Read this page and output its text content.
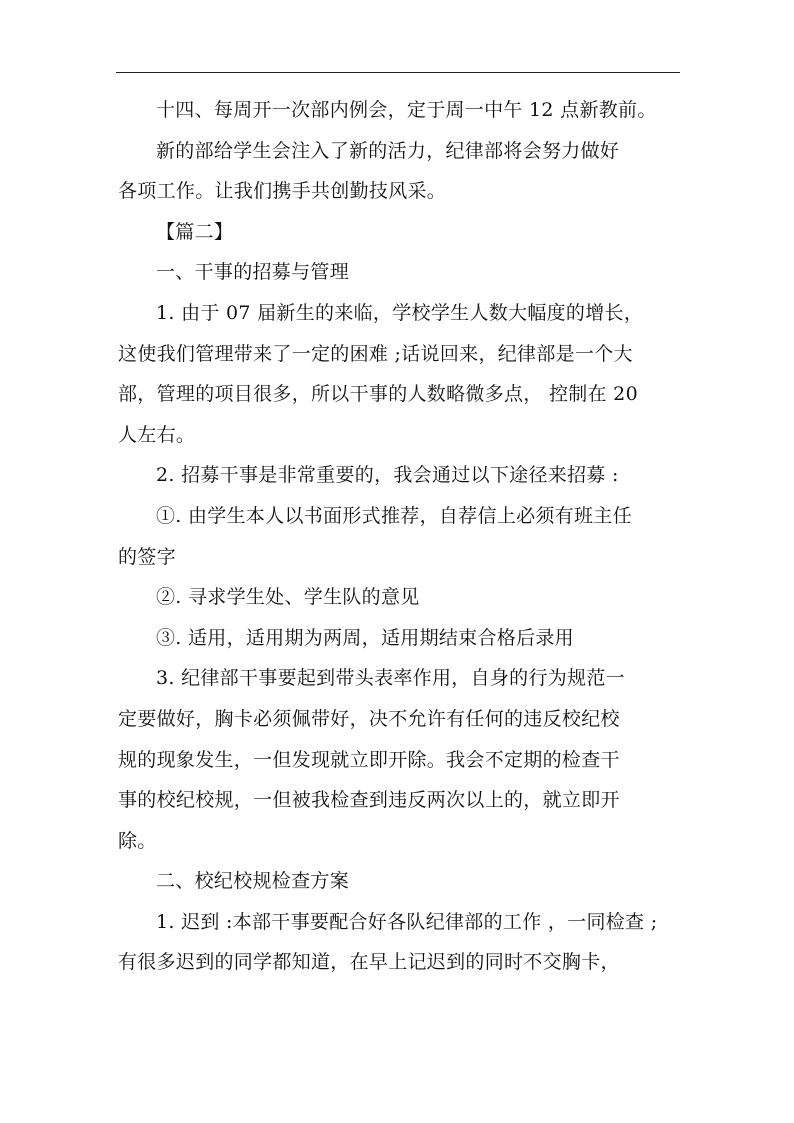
十四、每周开一次部内例会，定于周一中午 12 点新教前。

新的部给学生会注入了新的活力，纪律部将会努力做好
各项工作。让我们携手共创勤技风采。

【篇二】

一、干事的招募与管理

1. 由于 07 届新生的来临，学校学生人数大幅度的增长，
这使我们管理带来了一定的困难 ;话说回来，纪律部是一个大
部，管理的项目很多，所以干事的人数略微多点， 控制在 20
人左右。

2. 招募干事是非常重要的，我会通过以下途径来招募 :

①. 由学生本人以书面形式推荐，自荐信上必须有班主任
的签字

②. 寻求学生处、学生队的意见

③. 适用，适用期为两周，适用期结束合格后录用

3. 纪律部干事要起到带头表率作用，自身的行为规范一
定要做好，胸卡必须佩带好，决不允许有任何的违反校纪校
规的现象发生，一但发现就立即开除。我会不定期的检查干
事的校纪校规，一但被我检查到违反两次以上的，就立即开
除。

二、校纪校规检查方案

1. 迟到 :本部干事要配合好各队纪律部的工作 ，一同检查 ;
有很多迟到的同学都知道，在早上记迟到的同时不交胸卡，
